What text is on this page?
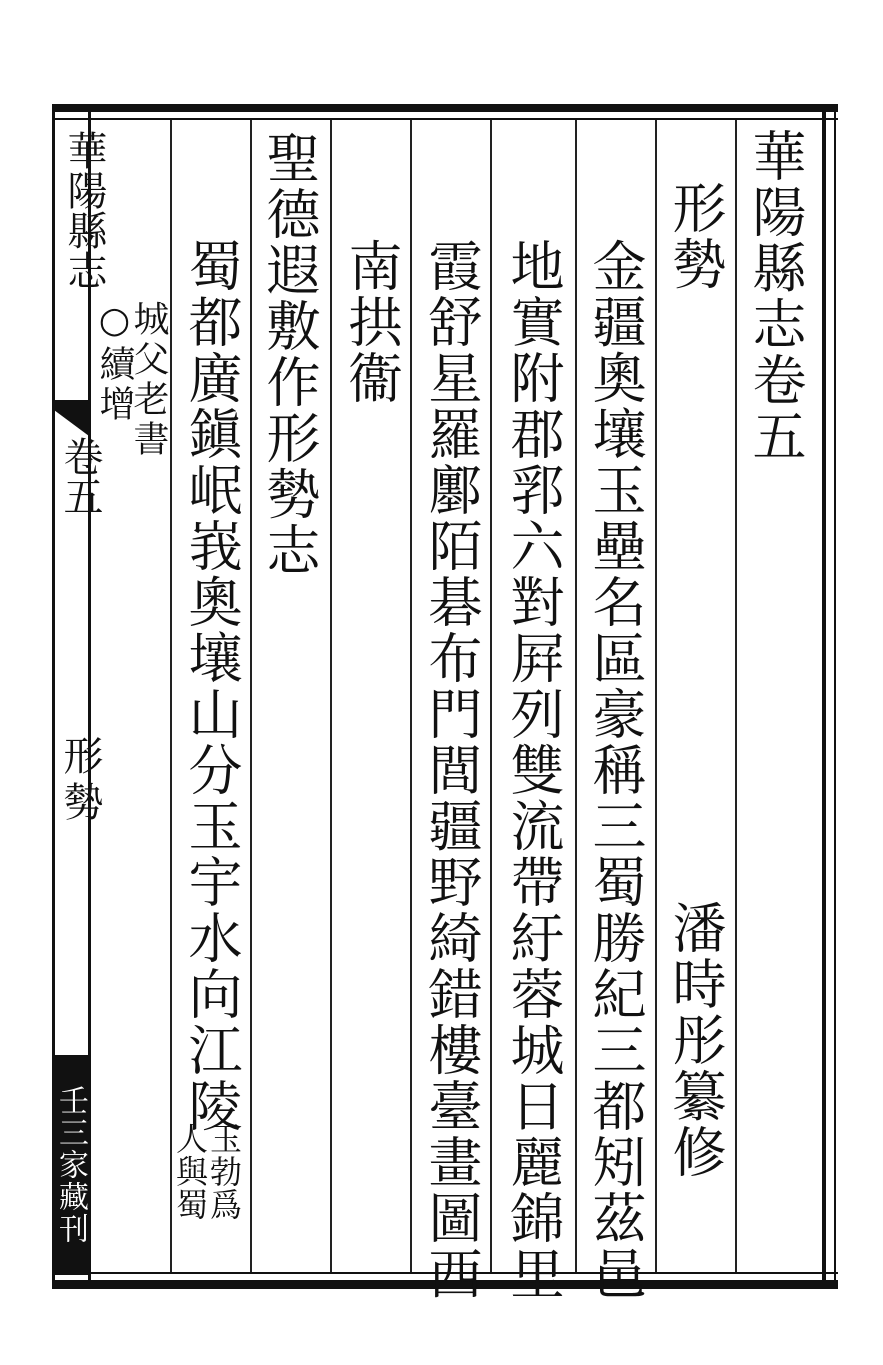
華陽縣志
卷五
形勢
壬三家藏刊
華陽縣志卷五
形勢
潘時彤纂修
金疆奧壤玉壘名區豪稱三蜀勝紀三都矧茲邑
地實附郡郛六對屛列雙流帶紆蓉城日麗錦里
霞舒星羅鄽陌碁布門閭疆野綺錯樓臺畫圖西
南拱衞
聖德遐敷作形勢志
蜀都廣鎭岷峩奧壤山分玉宇水向江陵
玉勃爲
人與蜀
城父老書
○續增
